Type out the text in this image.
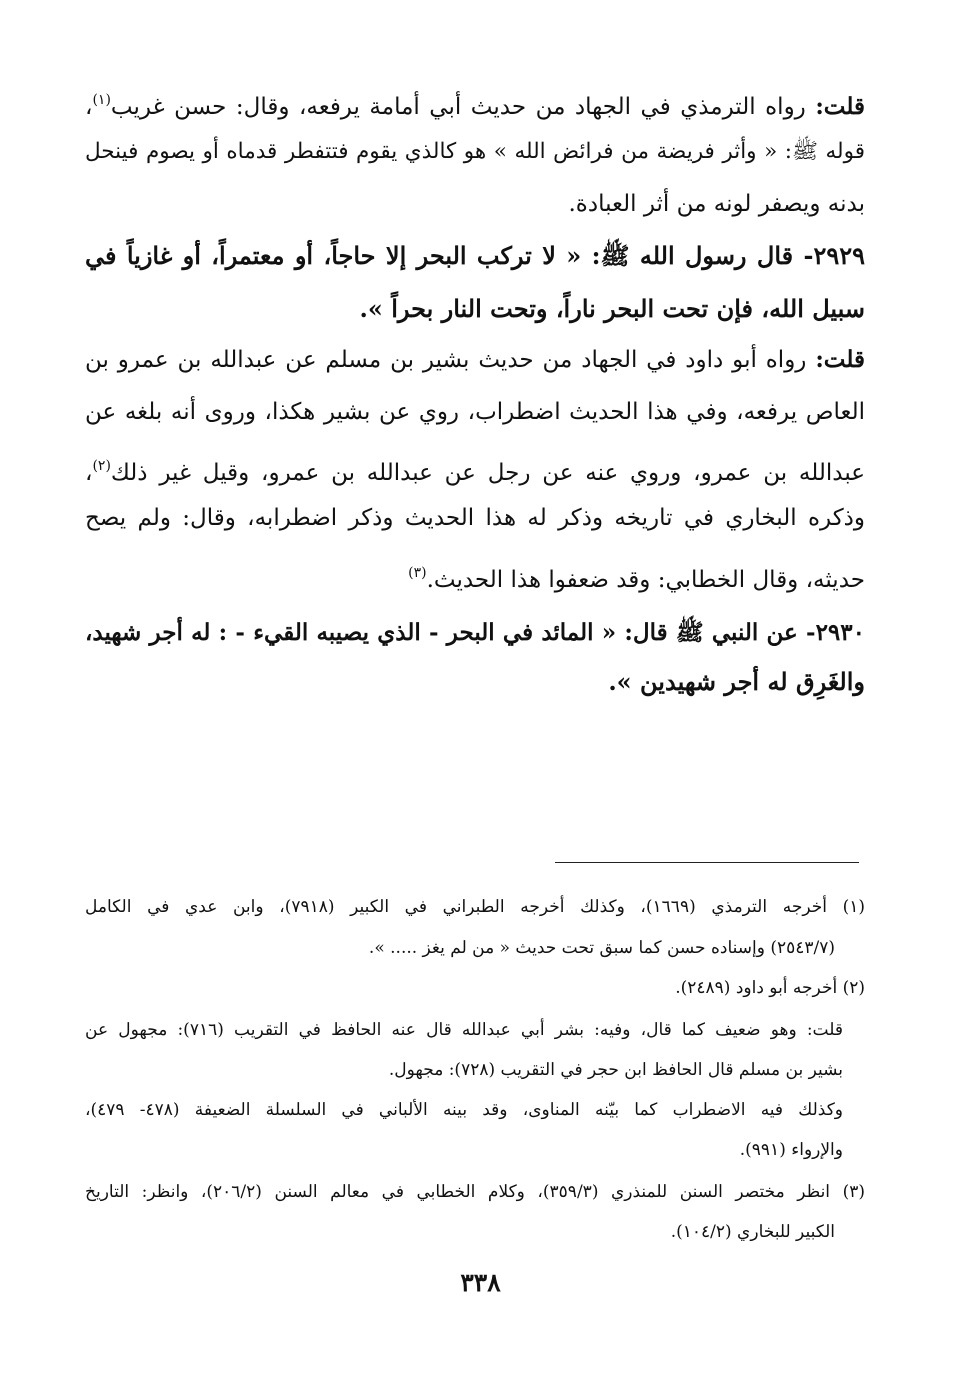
قلت: رواه الترمذي في الجهاد من حديث أبي أمامة يرفعه، وقال: حسن غريب$^{(١)}$،
قوله ﷺ: « وأثر فريضة من فرائض الله » هو كالذي يقوم فتتفطر قدماه أو يصوم فينحل
بدنه ويصفر لونه من أثر العبادة.
٢٩٢٩- قال رسول الله ﷺ: « لا تركب البحر إلا حاجاً، أو معتمراً، أو غازياً في
سبيل الله، فإن تحت البحر ناراً، وتحت النار بحراً ».
قلت: رواه أبو داود في الجهاد من حديث بشير بن مسلم عن عبدالله بن عمرو بن
العاص يرفعه، وفي هذا الحديث اضطراب، روي عن بشير هكذا، وروى أنه بلغه عن
عبدالله بن عمرو، وروي عنه عن رجل عن عبدالله بن عمرو، وقيل غير ذلك$^{(٢)}$،
وذكره البخاري في تاريخه وذكر له هذا الحديث وذكر اضطرابه، وقال: ولم يصح
حديثه، وقال الخطابي: وقد ضعفوا هذا الحديث.$^{(٣)}$
٢٩٣٠- عن النبي ﷺ قال: « المائد في البحر - الذي يصيبه القيء - : له أجر شهيد،
والغَرِق له أجر شهيدين ».
(١) أخرجه الترمذي (١٦٦٩)، وكذلك أخرجه الطبراني في الكبير (٧٩١٨)، وابن عدي في الكامل
(٢٥٤٣/٧) وإسناده حسن كما سبق تحت حديث « من لم يغز ..... ».
(٢) أخرجه أبو داود (٢٤٨٩).
قلت: وهو ضعيف كما قال، وفيه: بشر أبي عبدالله قال عنه الحافظ في التقريب (٧١٦): مجهول عن
بشير بن مسلم قال الحافظ ابن حجر في التقريب (٧٢٨): مجهول.
وكذلك فيه الاضطراب كما بيّنه المناوى، وقد بينه الألباني في السلسلة الضعيفة (٤٧٨- ٤٧٩)،
والإرواء (٩٩١).
(٣) انظر مختصر السنن للمنذري (٣٥٩/٣)، وكلام الخطابي في معالم السنن (٢٠٦/٢)، وانظر: التاريخ
الكبير للبخاري (١٠٤/٢).
٣٣٨
